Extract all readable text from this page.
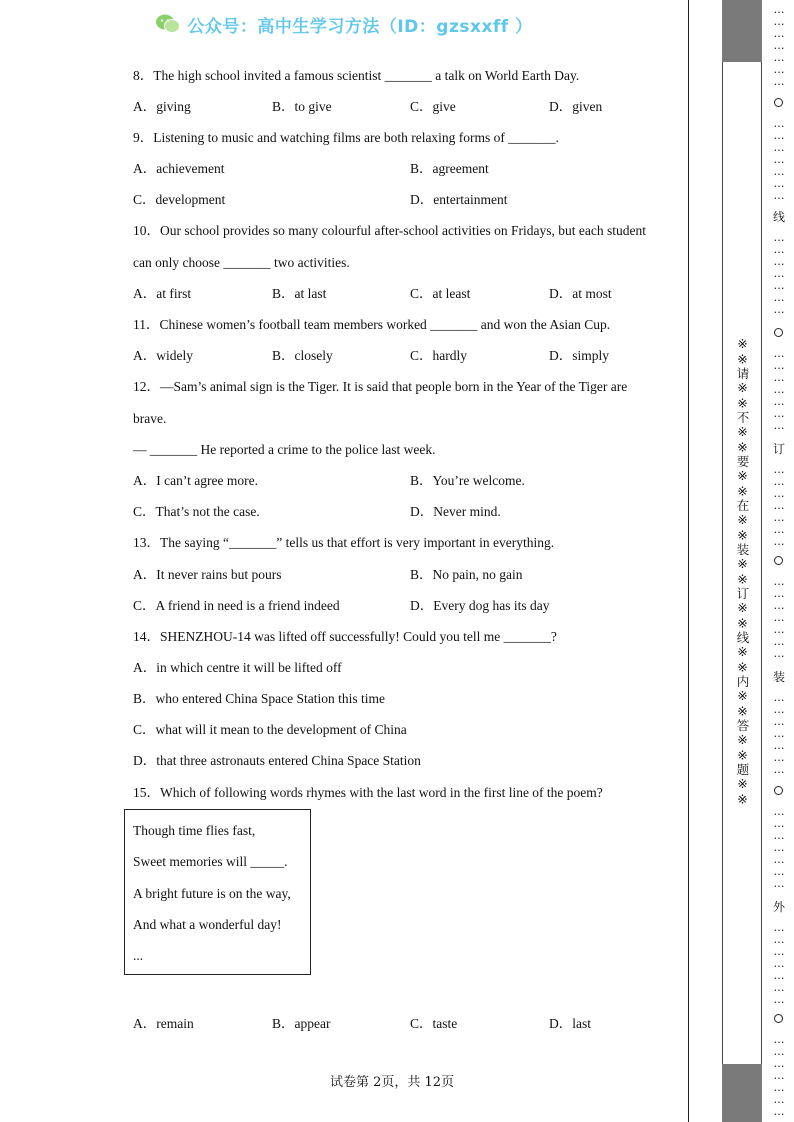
公众号：高中生学习方法（ID：gzsxxff ）
8．The high school invited a famous scientist _______ a talk on World Earth Day.
A．giving	B．to give	C．give	D．given
9．Listening to music and watching films are both relaxing forms of _______.
A．achievement	B．agreement
C．development	D．entertainment
10．Our school provides so many colourful after-school activities on Fridays, but each student
can only choose _______ two activities.
A．at first	B．at last	C．at least	D．at most
11．Chinese women’s football team members worked _______ and won the Asian Cup.
A．widely	B．closely	C．hardly	D．simply
12．—Sam’s animal sign is the Tiger. It is said that people born in the Year of the Tiger are
brave.
— _______ He reported a crime to the police last week.
A．I can’t agree more.	B．You’re welcome.
C．That’s not the case.	D．Never mind.
13．The saying “_______” tells us that effort is very important in everything.
A．It never rains but pours	B．No pain, no gain
C．A friend in need is a friend indeed	D．Every dog has its day
14．SHENZHOU-14 was lifted off successfully! Could you tell me _______?
A．in which centre it will be lifted off
B．who entered China Space Station this time
C．what will it mean to the development of China
D．that three astronauts entered China Space Station
15．Which of following words rhymes with the last word in the first line of the poem?
Though time flies fast,
Sweet memories will _____.
A bright future is on the way,
And what a wonderful day!
...
A．remain	B．appear	C．taste	D．last
试卷第 2页，共 12页
※※请※※不※※要※※在※※装※※订※※线※※内※※答※※题※※
…
…
…
…
…
…
…
…
…
…
…
…
…
…
线
…
…
…
…
…
…
…
…
…
…
…
…
…
…
订
…
…
…
…
…
…
…
…
…
…
…
…
…
…
装
…
…
…
…
…
…
…
…
…
…
…
…
…
…
外
…
…
…
…
…
…
…
…
…
…
…
…
…
…
